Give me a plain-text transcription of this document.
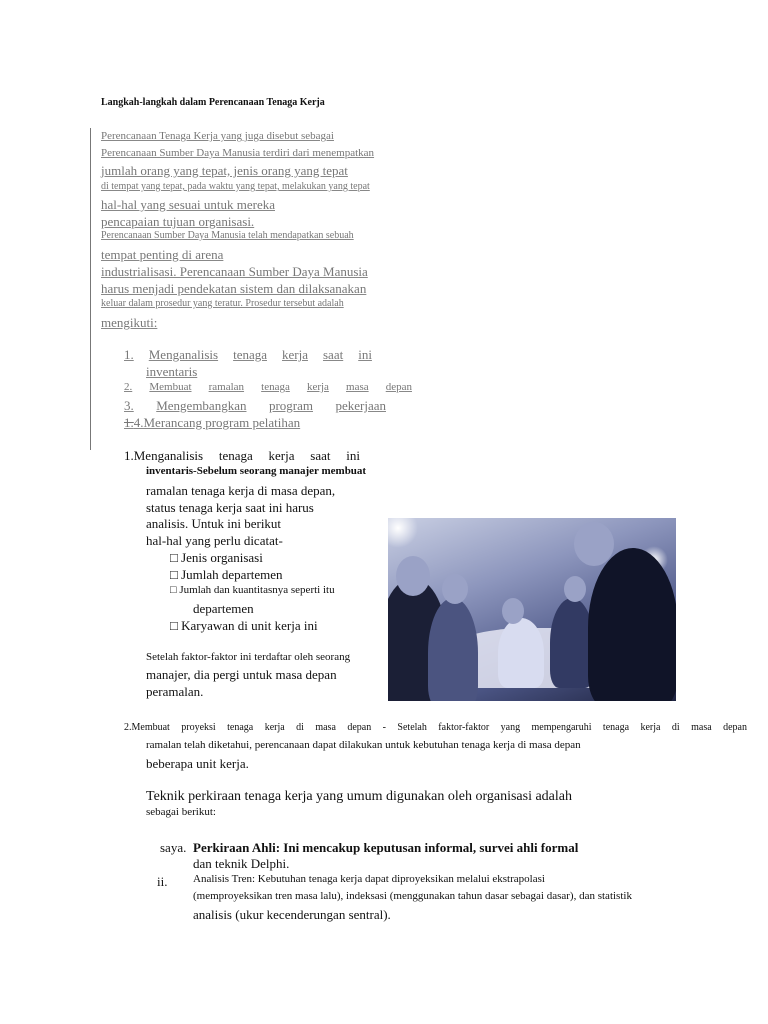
Langkah-langkah dalam Perencanaan Tenaga Kerja
Perencanaan Tenaga Kerja yang juga disebut sebagai
Perencanaan Sumber Daya Manusia terdiri dari menempatkan
jumlah orang yang tepat, jenis orang yang tepat
di tempat yang tepat, pada waktu yang tepat, melakukan yang tepat
hal-hal yang sesuai untuk mereka
pencapaian tujuan organisasi.
Perencanaan Sumber Daya Manusia telah mendapatkan sebuah
tempat penting di arena
industrialisasi. Perencanaan Sumber Daya Manusia
harus menjadi pendekatan sistem dan dilaksanakan
keluar dalam prosedur yang teratur. Prosedur tersebut adalah
mengikuti:
1. Menganalisis tenaga kerja saat ini
inventaris
2. Membuat ramalan tenaga kerja masa depan
3. Mengembangkan program pekerjaan
1.4.Merancang program pelatihan
1.Menganalisis tenaga kerja saat ini
inventaris-Sebelum seorang manajer membuat
ramalan tenaga kerja di masa depan,
status tenaga kerja saat ini harus
analisis. Untuk ini berikut
hal-hal yang perlu dicatat-
□ Jenis organisasi
□ Jumlah departemen
□ Jumlah dan kuantitasnya seperti itu
departemen
□ Karyawan di unit kerja ini
Setelah faktor-faktor ini terdaftar oleh seorang
manajer, dia pergi untuk masa depan
peramalan.
2.Membuat proyeksi tenaga kerja di masa depan - Setelah faktor-faktor yang mempengaruhi tenaga kerja di masa depan
ramalan telah diketahui, perencanaan dapat dilakukan untuk kebutuhan tenaga kerja di masa depan
beberapa unit kerja.
Teknik perkiraan tenaga kerja yang umum digunakan oleh organisasi adalah
sebagai berikut:
saya. Perkiraan Ahli: Ini mencakup keputusan informal, survei ahli formal
dan teknik Delphi.
ii. Analisis Tren: Kebutuhan tenaga kerja dapat diproyeksikan melalui ekstrapolasi
(memproyeksikan tren masa lalu), indeksasi (menggunakan tahun dasar sebagai dasar), dan statistik
analisis (ukur kecenderungan sentral).
